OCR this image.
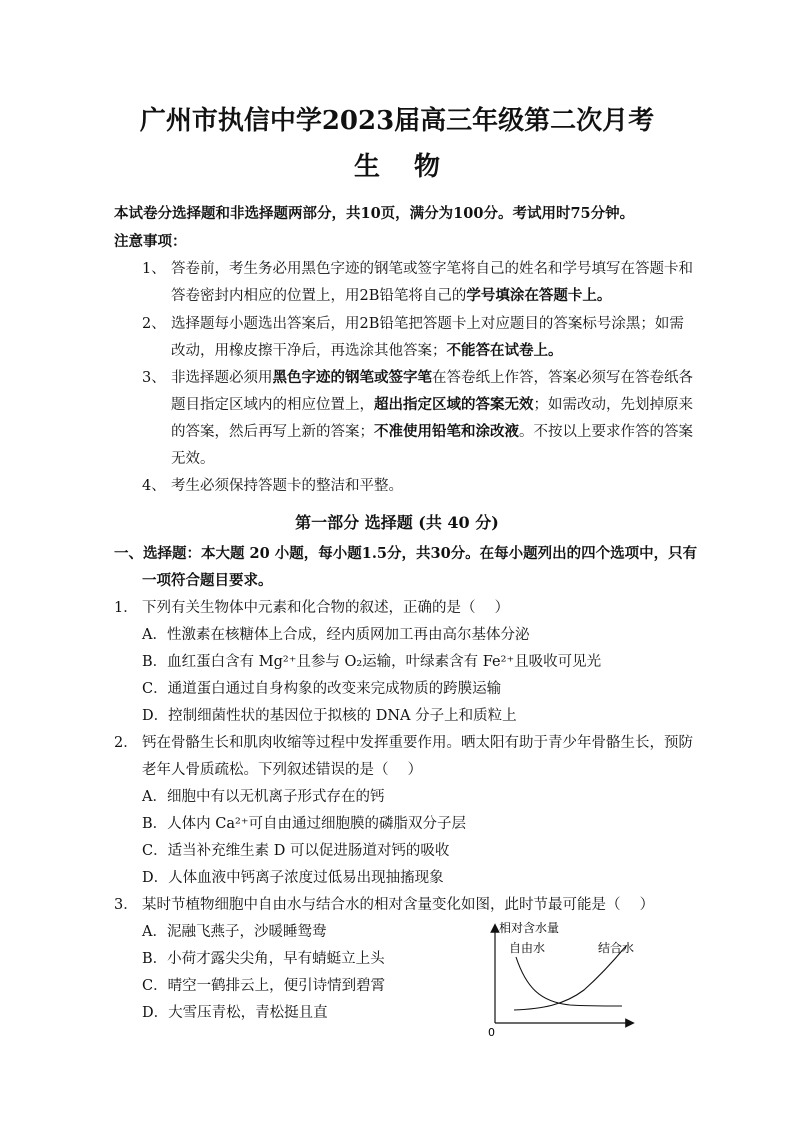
广州市执信中学2023届高三年级第二次月考
生 物
本试卷分选择题和非选择题两部分，共10页，满分为100分。考试用时75分钟。
注意事项：
1、 答卷前，考生务必用黑色字迹的钢笔或签字笔将自己的姓名和学号填写在答题卡和
答卷密封内相应的位置上，用2B铅笔将自己的学号填涂在答题卡上。
2、 选择题每小题选出答案后，用2B铅笔把答题卡上对应题目的答案标号涂黑；如需
改动，用橡皮擦干净后，再选涂其他答案；不能答在试卷上。
3、 非选择题必须用黑色字迹的钢笔或签字笔在答卷纸上作答，答案必须写在答卷纸各
题目指定区域内的相应位置上，超出指定区域的答案无效；如需改动，先划掉原来
的答案，然后再写上新的答案；不准使用铅笔和涂改液。不按以上要求作答的答案
无效。
4、 考生必须保持答题卡的整洁和平整。
第一部分 选择题 (共 40 分)
一、选择题：本大题 20 小题，每小题1.5分，共30分。在每小题列出的四个选项中，只有
一项符合题目要求。
1． 下列有关生物体中元素和化合物的叙述，正确的是（　 ）
A．性激素在核糖体上合成，经内质网加工再由高尔基体分泌
B．血红蛋白含有 Mg²⁺且参与 O₂运输，叶绿素含有 Fe²⁺且吸收可见光
C．通道蛋白通过自身构象的改变来完成物质的跨膜运输
D．控制细菌性状的基因位于拟核的 DNA 分子上和质粒上
2． 钙在骨骼生长和肌肉收缩等过程中发挥重要作用。晒太阳有助于青少年骨骼生长，预防
老年人骨质疏松。下列叙述错误的是（　 ）
A．细胞中有以无机离子形式存在的钙
B．人体内 Ca²⁺可自由通过细胞膜的磷脂双分子层
C．适当补充维生素 D 可以促进肠道对钙的吸收
D．人体血液中钙离子浓度过低易出现抽搐现象
3． 某时节植物细胞中自由水与结合水的相对含量变化如图，此时节最可能是（　 ）
A．泥融飞燕子，沙暖睡鸳鸯
B．小荷才露尖尖角，早有蜻蜓立上头
C．晴空一鹤排云上，便引诗情到碧霄
D．大雪压青松，青松挺且直
相对含水量
自由水	结合水
0
